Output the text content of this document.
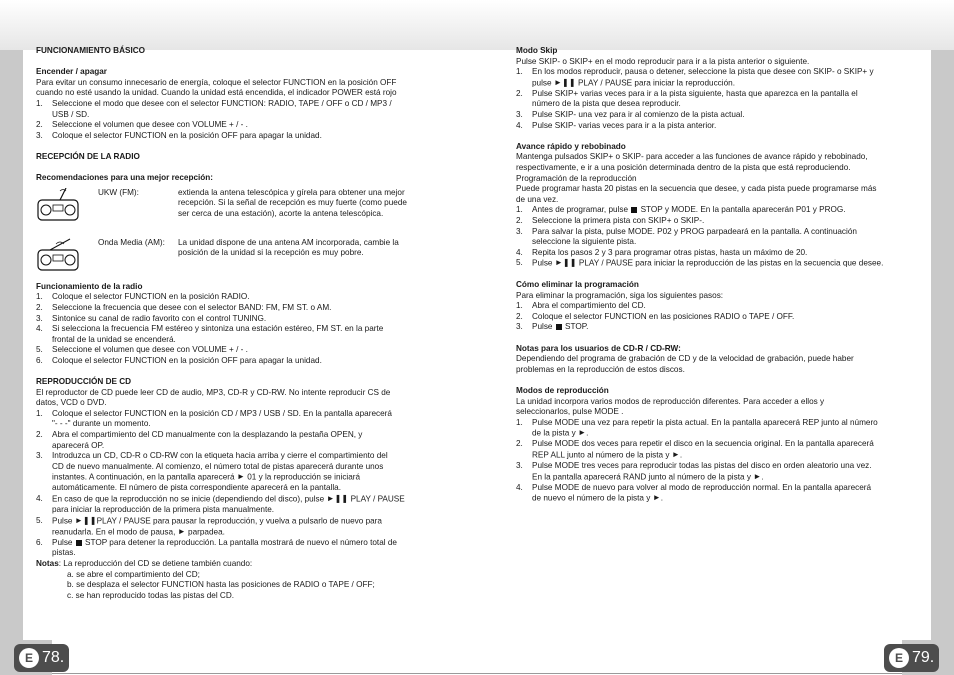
E 78.	E 79.
FUNCIONAMIENTO BÁSICO
Encender / apagar
Para evitar un consumo innecesario de energía, coloque el selector FUNCTION en la posición OFF
cuando no esté usando la unidad. Cuando la unidad está encendida, el indicador POWER está rojo
1.	Seleccione el modo que desee con el selector FUNCTION: RADIO, TAPE / OFF o CD / MP3 /
USB / SD.
2.	Seleccione el volumen que desee con VOLUME + / - .
3.	Coloque el selector FUNCTION en la posición OFF para apagar la unidad.
RECEPCIÓN DE LA RADIO
Recomendaciones para una mejor recepción:
UKW (FM):	extienda la antena telescópica y gírela para obtener una mejor
recepción. Si la señal de recepción es muy fuerte (como puede
ser cerca de una estación), acorte la antena telescópica.
Onda Media (AM):	La unidad dispone de una antena AM incorporada, cambie la
posición de la unidad si la recepción es muy pobre.
Funcionamiento de la radio
1.	Coloque el selector FUNCTION en la posición RADIO.
2.	Seleccione la frecuencia que desee con el selector BAND: FM, FM ST. o AM.
3.	Sintonice su canal de radio favorito con el control TUNING.
4.	Si selecciona la frecuencia FM estéreo y sintoniza una estación estéreo, FM ST. en la parte
frontal de la unidad se encenderá.
5.	Seleccione el volumen que desee con VOLUME + / - .
6.	Coloque el selector FUNCTION en la posición OFF para apagar la unidad.
REPRODUCCIÓN DE CD
El reproductor de CD puede leer CD de audio, MP3, CD-R y CD-RW. No intente reproducir CS de
datos, VCD o DVD.
1.	Coloque el selector FUNCTION en la posición CD / MP3 / USB / SD. En la pantalla aparecerá
"- - -" durante un momento.
2.	Abra el compartimiento del CD manualmente con la desplazando la pestaña OPEN, y
aparecerá OP.
3.	Introduzca un CD, CD-R o CD-RW con la etiqueta hacia arriba y cierre el compartimiento del
CD de nuevo manualmente. Al comienzo, el número total de pistas aparecerá durante unos
instantes. A continuación, en la pantalla aparecerá ► 01 y la reproducción se iniciará
automáticamente. El número de pista correspondiente aparecerá en la pantalla.
4.	En caso de que la reproducción no se inicie (dependiendo del disco), pulse ►❚❚ PLAY / PAUSE
para iniciar la reproducción de la primera pista manualmente.
5.	Pulse ►❚❚PLAY / PAUSE para pausar la reproducción, y vuelva a pulsarlo de nuevo para
reanudarla. En el modo de pausa, ► parpadea.
6.	Pulse  STOP para detener la reproducción. La pantalla mostrará de nuevo el número total de
pistas.
Notas: La reproducción del CD se detiene también cuando:
a. se abre el compartimiento del CD;
b. se desplaza el selector FUNCTION hasta las posiciones de RADIO o TAPE / OFF;
c. se han reproducido todas las pistas del CD.
Modo Skip
Pulse SKIP- o SKIP+ en el modo reproducir para ir a la pista anterior o siguiente.
1.	En los modos reproducir, pausa o detener, seleccione la pista que desee con SKIP- o SKIP+ y
pulse ►❚❚ PLAY / PAUSE para iniciar la reproducción.
2.	Pulse SKIP+ varias veces para ir a la pista siguiente, hasta que aparezca en la pantalla el
número de la pista que desea reproducir.
3.	Pulse SKIP- una vez para ir al comienzo de la pista actual.
4.	Pulse SKIP- varias veces para ir a la pista anterior.
Avance rápido y rebobinado
Mantenga pulsados SKIP+ o SKIP- para acceder a las funciones de avance rápido y rebobinado,
respectivamente, e ir a una posición determinada dentro de la pista que está reproduciendo.
Programación de la reproducción
Puede programar hasta 20 pistas en la secuencia que desee, y cada pista puede programarse más
de una vez.
1.	Antes de programar, pulse  STOP y MODE. En la pantalla aparecerán P01 y PROG.
2.	Seleccione la primera pista con SKIP+ o SKIP-.
3.	Para salvar la pista, pulse MODE. P02 y PROG parpadeará en la pantalla. A continuación
seleccione la siguiente pista.
4.	Repita los pasos 2 y 3 para programar otras pistas, hasta un máximo de 20.
5.	Pulse ►❚❚ PLAY / PAUSE para iniciar la reproducción de las pistas en la secuencia que desee.
Cómo eliminar la programación
Para eliminar la programación, siga los siguientes pasos:
1.	Abra el compartimiento del CD.
2.	Coloque el selector FUNCTION en las posiciones RADIO o TAPE / OFF.
3.	Pulse  STOP.
Notas para los usuarios de CD-R / CD-RW:
Dependiendo del programa de grabación de CD y de la velocidad de grabación, puede haber
problemas en la reproducción de estos discos.
Modos de reproducción
La unidad incorpora varios modos de reproducción diferentes. Para acceder a ellos y
seleccionarlos, pulse MODE .
1.	Pulse MODE una vez para repetir la pista actual. En la pantalla aparecerá REP junto al número
de la pista y ►.
2.	Pulse MODE dos veces para repetir el disco en la secuencia original. En la pantalla aparecerá
REP ALL junto al número de la pista y ►.
3.	Pulse MODE tres veces para reproducir todas las pistas del disco en orden aleatorio una vez.
En la pantalla aparecerá RAND junto al número de la pista y ►.
4.	Pulse MODE de nuevo para volver al modo de reproducción normal. En la pantalla aparecerá
de nuevo el número de la pista y ►.
